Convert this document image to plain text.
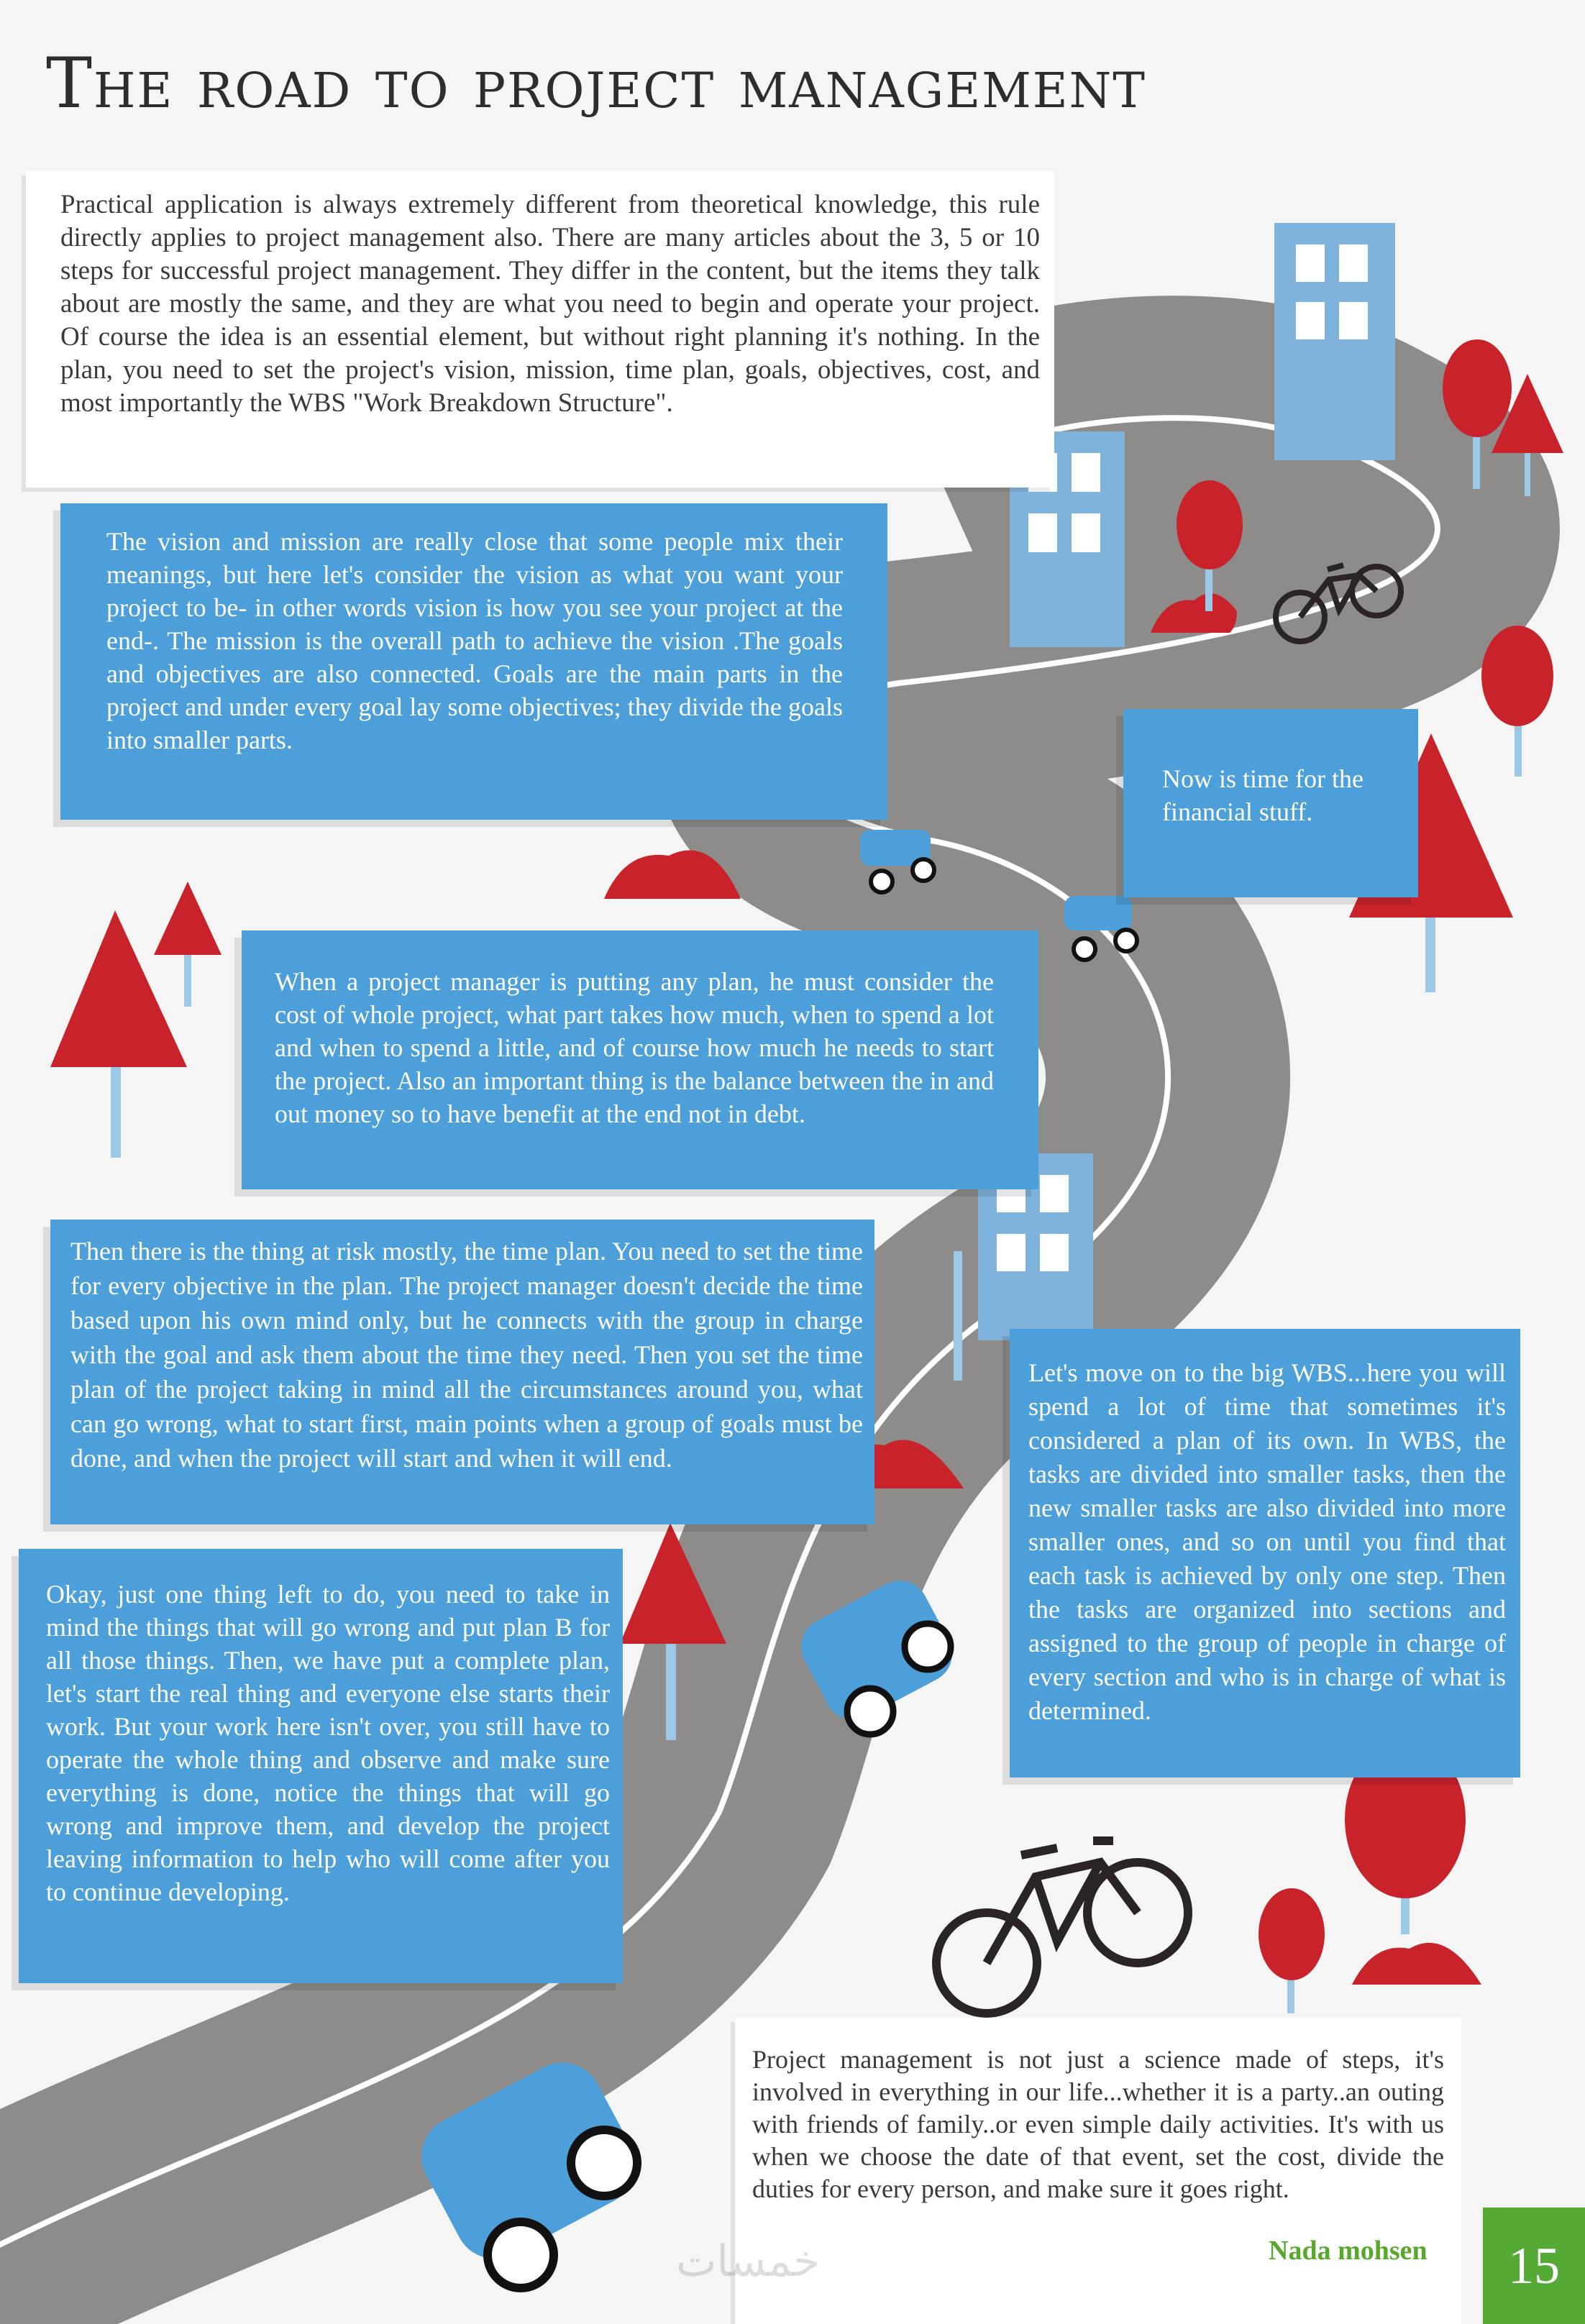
The road to project management

Practical application is always extremely different from theoretical knowledge, this rule directly applies to project management also. There are many articles about the 3, 5 or 10 steps for successful project management. They differ in the content, but the items they talk about are mostly the same, and they are what you need to begin and operate your project. Of course the idea is an essential element, but without right planning it's nothing. In the plan, you need to set the project's vision, mission, time plan, goals, objectives, cost, and most importantly the WBS "Work Breakdown Structure".

The vision and mission are really close that some people mix their meanings, but here let's consider the vision as what you want your project to be- in other words vision is how you see your project at the end-. The mission is the overall path to achieve the vision .The goals and objectives are also connected. Goals are the main parts in the project and under every goal lay some objectives; they divide the goals into smaller parts.

Now is time for the financial stuff.

When a project manager is putting any plan, he must consider the cost of whole project, what part takes how much, when to spend a lot and when to spend a little, and of course how much he needs to start the project. Also an important thing is the balance between the in and out money so to have benefit at the end not in debt.

Then there is the thing at risk mostly, the time plan. You need to set the time for every objective in the plan. The project manager doesn't decide the time based upon his own mind only, but he connects with the group in charge with the goal and ask them about the time they need. Then you set the time plan of the project taking in mind all the circumstances around you, what can go wrong, what to start first, main points when a group of goals must be done, and when the project will start and when it will end.

Let's move on to the big WBS...here you will spend a lot of time that sometimes it's considered a plan of its own. In WBS, the tasks are divided into smaller tasks, then the new smaller tasks are also divided into more smaller ones, and so on until you find that each task is achieved by only one step. Then the tasks are organized into sections and assigned to the group of people in charge of every section and who is in charge of what is determined.

Okay, just one thing left to do, you need to take in mind the things that will go wrong and put plan B for all those things. Then, we have put a complete plan, let's start the real thing and everyone else starts their work. But your work here isn't over, you still have to operate the whole thing and observe and make sure everything is done, notice the things that will go wrong and improve them, and develop the project leaving information to help who will come after you to continue developing.

Project management is not just a science made of steps, it's involved in everything in our life...whether it is a party..an outing with friends of family..or even simple daily activities. It's with us when we choose the date of that event, set the cost, divide the duties for every person, and make sure it goes right.

خمسات	Nada mohsen	15
